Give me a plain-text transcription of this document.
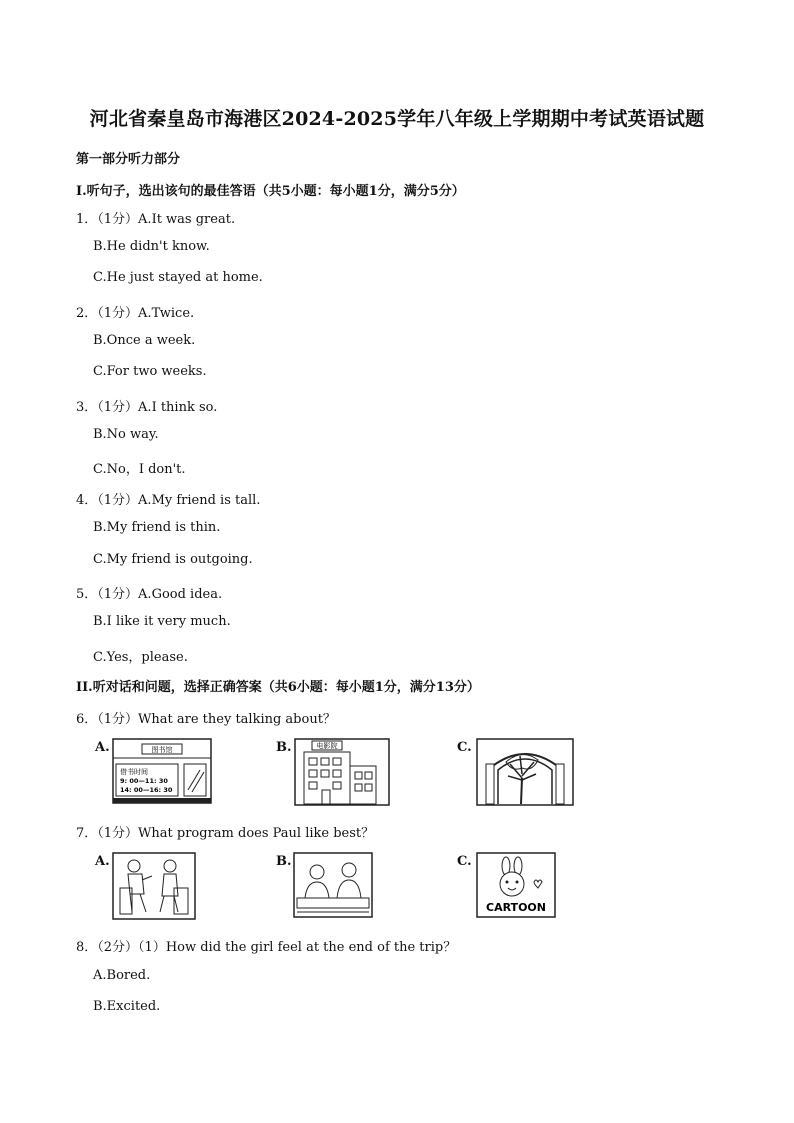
河北省秦皇岛市海港区2024-2025学年八年级上学期期中考试英语试题
第一部分听力部分
I.听句子，选出该句的最佳答语（共5小题：每小题1分，满分5分）
1．（1分）A.It was great.
B.He didn't know.
C.He just stayed at home.
2．（1分）A.Twice.
B.Once a week.
C.For two weeks.
3．（1分）A.I think so.
B.No way.
C.No，I don't.
4．（1分）A.My friend is tall.
B.My friend is thin.
C.My friend is outgoing.
5．（1分）A.Good idea.
B.I like it very much.
C.Yes，please.
II.听对话和问题，选择正确答案（共6小题：每小题1分，满分13分）
6．（1分）What are they talking about？
A.	图书馆
借书时间
9: 00—11: 30
14: 00—16: 30
B.	电影院	C.
7．（1分）What program does Paul like best？
A.	B.	C.
CARTOON
8．（2分）（1）How did the girl feel at the end of the trip？
A.Bored.
B.Excited.
